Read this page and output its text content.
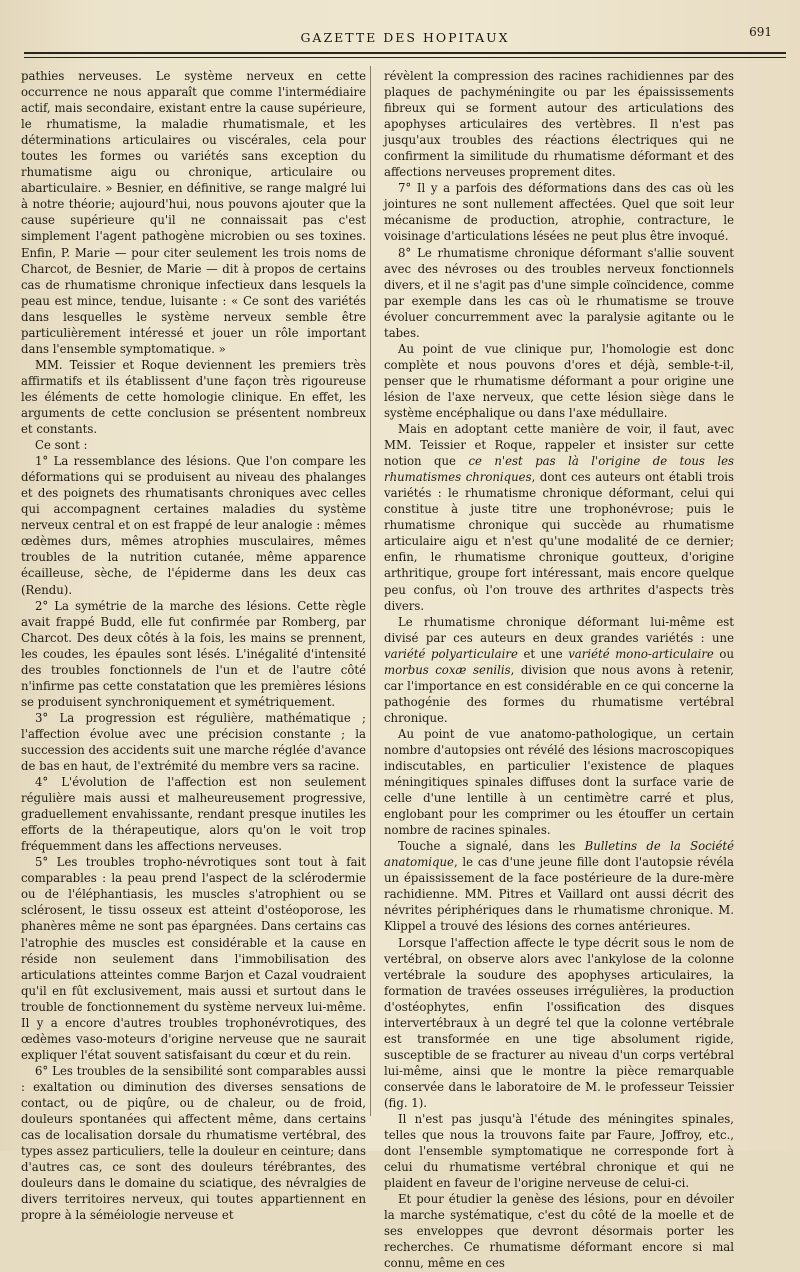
GAZETTE DES HOPITAUX	691

pathies nerveuses. Le système nerveux en cette occurrence ne nous apparaît que comme l'intermédiaire actif, mais secondaire, existant entre la cause supérieure, le rhumatisme, la maladie rhumatismale, et les déterminations articulaires ou viscérales, cela pour toutes les formes ou variétés sans exception du rhumatisme aigu ou chronique, articulaire ou abarticulaire. » Besnier, en définitive, se range malgré lui à notre théorie; aujourd'hui, nous pouvons ajouter que la cause supérieure qu'il ne connaissait pas c'est simplement l'agent pathogène microbien ou ses toxines. Enfin, P. Marie — pour citer seulement les trois noms de Charcot, de Besnier, de Marie — dit à propos de certains cas de rhumatisme chronique infectieux dans lesquels la peau est mince, tendue, luisante : « Ce sont des variétés dans lesquelles le système nerveux semble être particulièrement intéressé et jouer un rôle important dans l'ensemble symptomatique. »

MM. Teissier et Roque deviennent les premiers très affirmatifs et ils établissent d'une façon très rigoureuse les éléments de cette homologie clinique. En effet, les arguments de cette conclusion se présentent nombreux et constants.

Ce sont :

1° La ressemblance des lésions. Que l'on compare les déformations qui se produisent au niveau des phalanges et des poignets des rhumatisants chroniques avec celles qui accompagnent certaines maladies du système nerveux central et on est frappé de leur analogie : mêmes œdèmes durs, mêmes atrophies musculaires, mêmes troubles de la nutrition cutanée, même apparence écailleuse, sèche, de l'épiderme dans les deux cas (Rendu).

2° La symétrie de la marche des lésions. Cette règle avait frappé Budd, elle fut confirmée par Romberg, par Charcot. Des deux côtés à la fois, les mains se prennent, les coudes, les épaules sont lésés. L'inégalité d'intensité des troubles fonctionnels de l'un et de l'autre côté n'infirme pas cette constatation que les premières lésions se produisent synchroniquement et symétriquement.

3° La progression est régulière, mathématique ; l'affection évolue avec une précision constante ; la succession des accidents suit une marche réglée d'avance de bas en haut, de l'extrémité du membre vers sa racine.

4° L'évolution de l'affection est non seulement régulière mais aussi et malheureusement progressive, graduellement envahissante, rendant presque inutiles les efforts de la thérapeutique, alors qu'on le voit trop fréquemment dans les affections nerveuses.

5° Les troubles tropho-névrotiques sont tout à fait comparables : la peau prend l'aspect de la sclérodermie ou de l'éléphantiasis, les muscles s'atrophient ou se sclérosent, le tissu osseux est atteint d'ostéoporose, les phanères même ne sont pas épargnées. Dans certains cas l'atrophie des muscles est considérable et la cause en réside non seulement dans l'immobilisation des articulations atteintes comme Barjon et Cazal voudraient qu'il en fût exclusivement, mais aussi et surtout dans le trouble de fonctionnement du système nerveux lui-même. Il y a encore d'autres troubles trophonévrotiques, des œdèmes vaso-moteurs d'origine nerveuse que ne saurait expliquer l'état souvent satisfaisant du cœur et du rein.

6° Les troubles de la sensibilité sont comparables aussi : exaltation ou diminution des diverses sensations de contact, ou de piqûre, ou de chaleur, ou de froid, douleurs spontanées qui affectent même, dans certains cas de localisation dorsale du rhumatisme vertébral, des types assez particuliers, telle la douleur en ceinture; dans d'autres cas, ce sont des douleurs térébrantes, des douleurs dans le domaine du sciatique, des névralgies de divers territoires nerveux, qui toutes appartiennent en propre à la séméiologie nerveuse et

révèlent la compression des racines rachidiennes par des plaques de pachyméningite ou par les épaississements fibreux qui se forment autour des articulations des apophyses articulaires des vertèbres. Il n'est pas jusqu'aux troubles des réactions électriques qui ne confirment la similitude du rhumatisme déformant et des affections nerveuses proprement dites.

7° Il y a parfois des déformations dans des cas où les jointures ne sont nullement affectées. Quel que soit leur mécanisme de production, atrophie, contracture, le voisinage d'articulations lésées ne peut plus être invoqué.

8° Le rhumatisme chronique déformant s'allie souvent avec des névroses ou des troubles nerveux fonctionnels divers, et il ne s'agit pas d'une simple coïncidence, comme par exemple dans les cas où le rhumatisme se trouve évoluer concurremment avec la paralysie agitante ou le tabes.

Au point de vue clinique pur, l'homologie est donc complète et nous pouvons d'ores et déjà, semble-t-il, penser que le rhumatisme déformant a pour origine une lésion de l'axe nerveux, que cette lésion siège dans le système encéphalique ou dans l'axe médullaire.

Mais en adoptant cette manière de voir, il faut, avec MM. Teissier et Roque, rappeler et insister sur cette notion que ce n'est pas là l'origine de tous les rhumatismes chroniques, dont ces auteurs ont établi trois variétés : le rhumatisme chronique déformant, celui qui constitue à juste titre une trophonévrose; puis le rhumatisme chronique qui succède au rhumatisme articulaire aigu et n'est qu'une modalité de ce dernier; enfin, le rhumatisme chronique goutteux, d'origine arthritique, groupe fort intéressant, mais encore quelque peu confus, où l'on trouve des arthrites d'aspects très divers.

Le rhumatisme chronique déformant lui-même est divisé par ces auteurs en deux grandes variétés : une variété polyarticulaire et une variété mono-articulaire ou morbus coxæ senilis, division que nous avons à retenir, car l'importance en est considérable en ce qui concerne la pathogénie des formes du rhumatisme vertébral chronique.

Au point de vue anatomo-pathologique, un certain nombre d'autopsies ont révélé des lésions macroscopiques indiscutables, en particulier l'existence de plaques méningitiques spinales diffuses dont la surface varie de celle d'une lentille à un centimètre carré et plus, englobant pour les comprimer ou les étouffer un certain nombre de racines spinales.

Touche a signalé, dans les Bulletins de la Société anatomique, le cas d'une jeune fille dont l'autopsie révéla un épaississement de la face postérieure de la dure-mère rachidienne. MM. Pitres et Vaillard ont aussi décrit des névrites périphériques dans le rhumatisme chronique. M. Klippel a trouvé des lésions des cornes antérieures.

Lorsque l'affection affecte le type décrit sous le nom de vertébral, on observe alors avec l'ankylose de la colonne vertébrale la soudure des apophyses articulaires, la formation de travées osseuses irrégulières, la production d'ostéophytes, enfin l'ossification des disques intervertébraux à un degré tel que la colonne vertébrale est transformée en une tige absolument rigide, susceptible de se fracturer au niveau d'un corps vertébral lui-même, ainsi que le montre la pièce remarquable conservée dans le laboratoire de M. le professeur Teissier (fig. 1).

Il n'est pas jusqu'à l'étude des méningites spinales, telles que nous la trouvons faite par Faure, Joffroy, etc., dont l'ensemble symptomatique ne correspondе fort à celui du rhumatisme vertébral chronique et qui ne plaident en faveur de l'origine nerveuse de celui-ci.

Et pour étudier la genèse des lésions, pour en dévoiler la marche systématique, c'est du côté de la moelle et de ses enveloppes que devront désormais porter les recherches. Ce rhumatisme déformant encore si mal connu, même en ces
